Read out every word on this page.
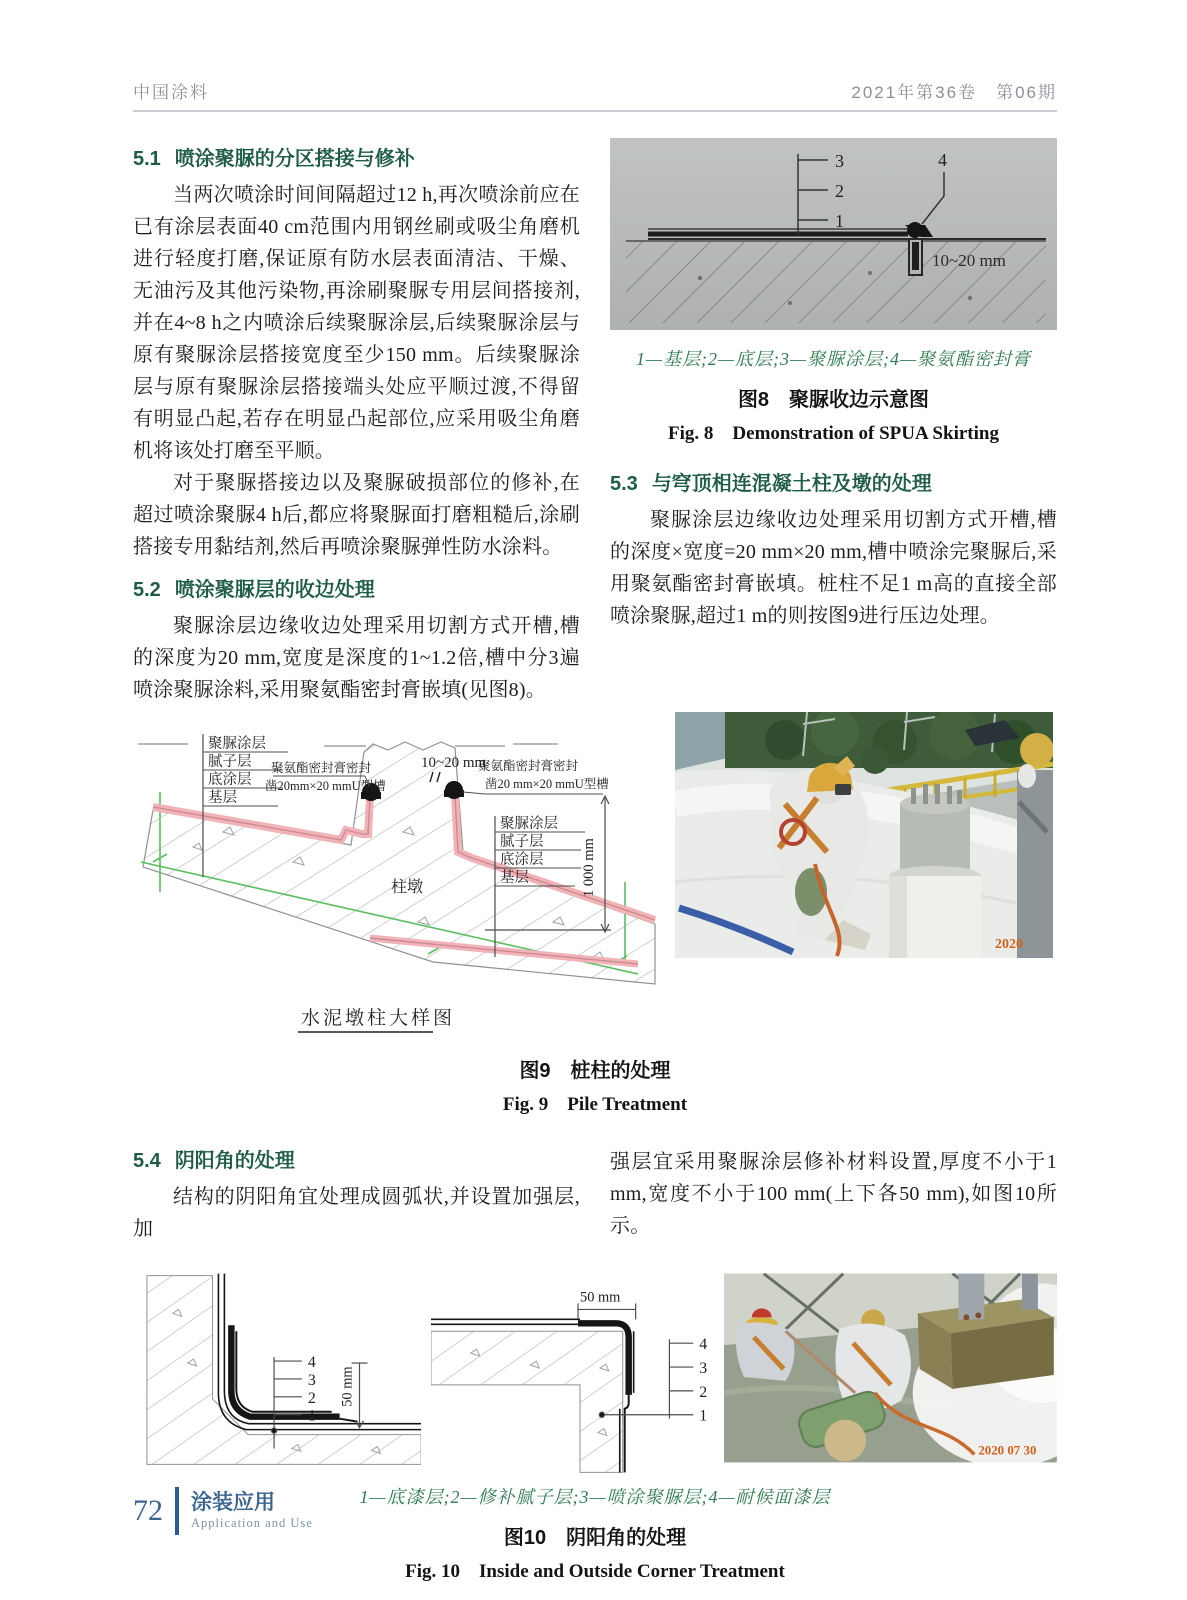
中国涂料	2021年第36卷　第06期
5.1 喷涂聚脲的分区搭接与修补

当两次喷涂时间间隔超过12 h,再次喷涂前应在已有涂层表面40 cm范围内用钢丝刷或吸尘角磨机进行轻度打磨,保证原有防水层表面清洁、干燥、无油污及其他污染物,再涂刷聚脲专用层间搭接剂,并在4~8 h之内喷涂后续聚脲涂层,后续聚脲涂层与原有聚脲涂层搭接宽度至少150 mm。后续聚脲涂层与原有聚脲涂层搭接端头处应平顺过渡,不得留有明显凸起,若存在明显凸起部位,应采用吸尘角磨机将该处打磨至平顺。

对于聚脲搭接边以及聚脲破损部位的修补,在超过喷涂聚脲4 h后,都应将聚脲面打磨粗糙后,涂刷搭接专用黏结剂,然后再喷涂聚脲弹性防水涂料。

5.2 喷涂聚脲层的收边处理

聚脲涂层边缘收边处理采用切割方式开槽,槽的深度为20 mm,宽度是深度的1~1.2倍,槽中分3遍喷涂聚脲涂料,采用聚氨酯密封膏嵌填(见图8)。

3
2
1
4
10~20 mm
1—基层;2—底层;3—聚脲涂层;4—聚氨酯密封膏
图8　聚脲收边示意图
Fig. 8　Demonstration of SPUA Skirting
5.3 与穹顶相连混凝土柱及墩的处理

聚脲涂层边缘收边处理采用切割方式开槽,槽的深度×宽度=20 mm×20 mm,槽中喷涂完聚脲后,采用聚氨酯密封膏嵌填。桩柱不足1 m高的直接全部喷涂聚脲,超过1 m的则按图9进行压边处理。

聚脲涂层
腻子层
底涂层
基层
聚氨酯密封膏密封
凿20mm×20 mmU型槽
10~20 mm
聚氨酯密封膏密封
凿20 mm×20 mmU型槽
聚脲涂层
腻子层
底涂层
基层	1 000 mm
柱墩
水泥墩柱大样图
2020
图9　桩柱的处理
Fig. 9　Pile Treatment
5.4 阴阳角的处理

结构的阴阳角宜处理成圆弧状,并设置加强层,加

强层宜采用聚脲涂层修补材料设置,厚度不小于1 mm,宽度不小于100 mm(上下各50 mm),如图10所示。

4
3
2
1
50 mm
50 mm
4
3
2
1
2020 07 30
1—底漆层;2—修补腻子层;3—喷涂聚脲层;4—耐候面漆层
图10　阴阳角的处理
Fig. 10　Inside and Outside Corner Treatment
72 涂装应用
Application and Use
